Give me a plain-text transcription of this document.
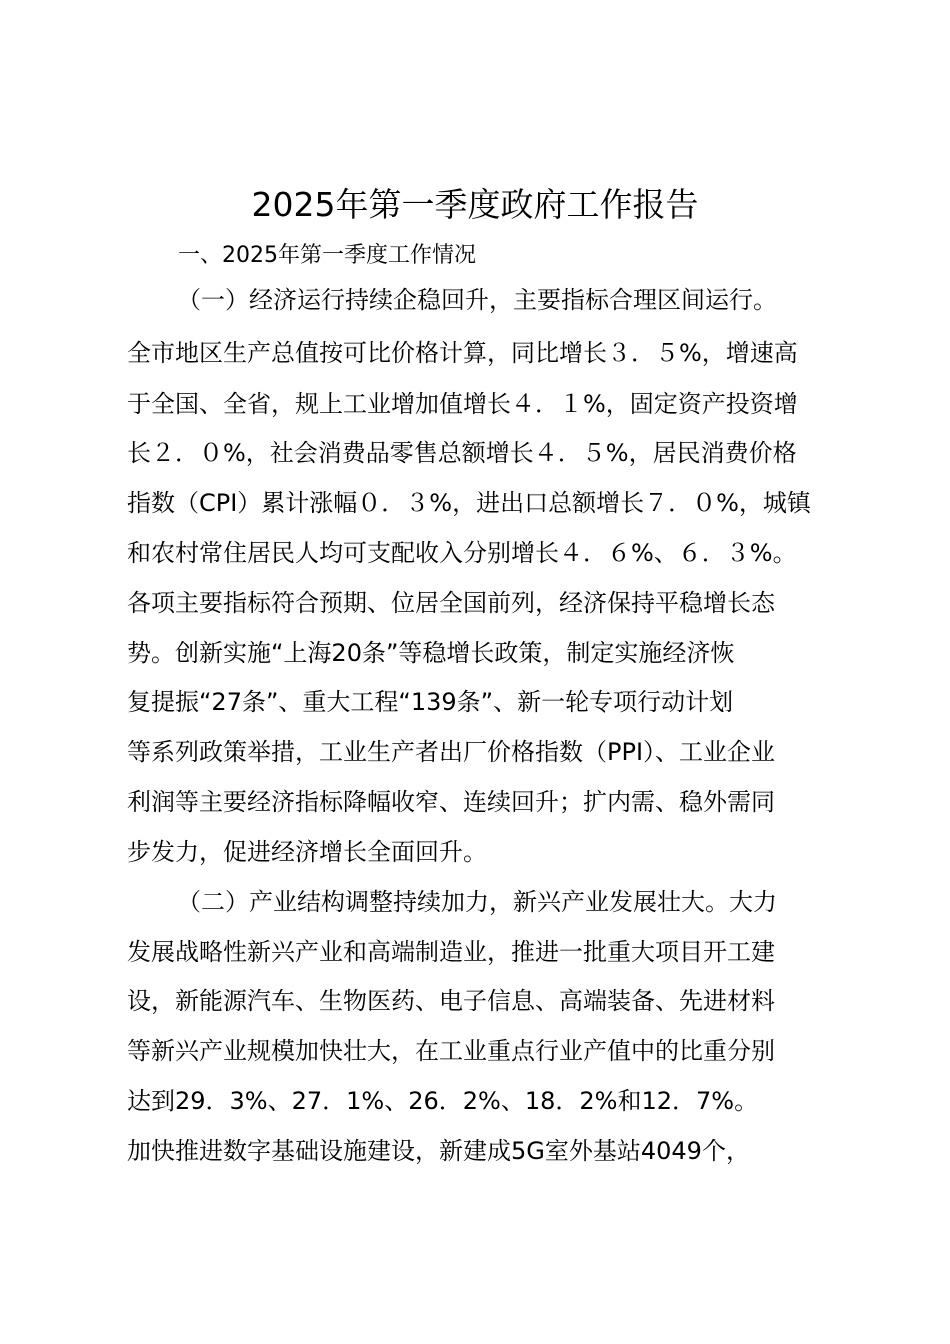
2025年第一季度政府工作报告
一、2025年第一季度工作情况
（一）经济运行持续企稳回升，主要指标合理区间运行。
全市地区生产总值按可比价格计算，同比增长３．５%，增速高
于全国、全省，规上工业增加值增长４．１%，固定资产投资增
长２．０%，社会消费品零售总额增长４．５%，居民消费价格
指数（CPI）累计涨幅０．３%，进出口总额增长７．０%，城镇
和农村常住居民人均可支配收入分别增长４．６%、６．３%。
各项主要指标符合预期、位居全国前列，经济保持平稳增长态
势。创新实施“上海20条”等稳增长政策，制定实施经济恢
复提振“27条”、重大工程“139条”、新一轮专项行动计划
等系列政策举措，工业生产者出厂价格指数（PPI）、工业企业
利润等主要经济指标降幅收窄、连续回升；扩内需、稳外需同
步发力，促进经济增长全面回升。
（二）产业结构调整持续加力，新兴产业发展壮大。大力
发展战略性新兴产业和高端制造业，推进一批重大项目开工建
设，新能源汽车、生物医药、电子信息、高端装备、先进材料
等新兴产业规模加快壮大，在工业重点行业产值中的比重分别
达到29．3%、27．1%、26．2%、18．2%和12．7%。
加快推进数字基础设施建设，新建成5G室外基站4049个，
